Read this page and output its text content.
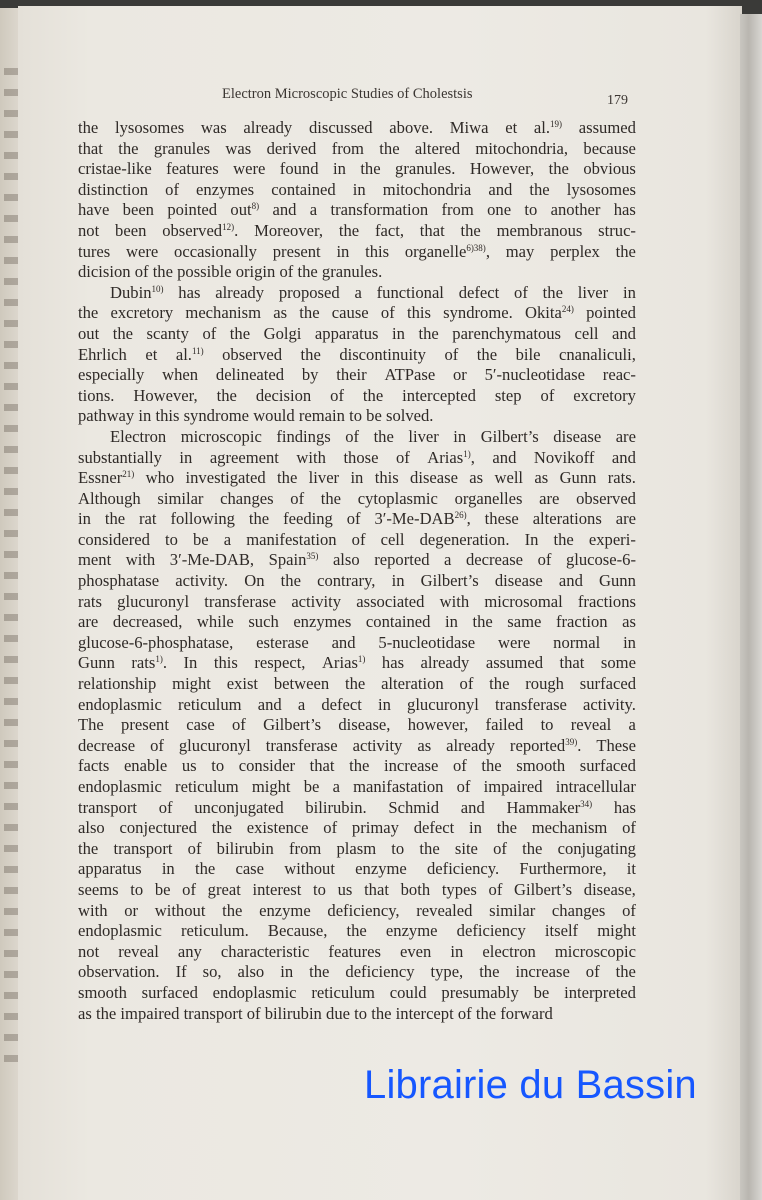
Electron Microscopic Studies of Cholestsis	179
the lysosomes was already discussed above. Miwa et al.$^{19)}$ assumed
that the granules was derived from the altered mitochondria, because
cristae-like features were found in the granules. However, the obvious
distinction of enzymes contained in mitochondria and the lysosomes
have been pointed out$^{8)}$ and a transformation from one to another has
not been observed$^{12)}$. Moreover, the fact, that the membranous struc-
tures were occasionally present in this organelle$^{6)38)}$, may perplex the
dicision of the possible origin of the granules.
Dubin$^{10)}$ has already proposed a functional defect of the liver in
the excretory mechanism as the cause of this syndrome. Okita$^{24)}$ pointed
out the scanty of the Golgi apparatus in the parenchymatous cell and
Ehrlich et al.$^{11)}$ observed the discontinuity of the bile cnanaliculi,
especially when delineated by their ATPase or 5′-nucleotidase reac-
tions. However, the decision of the intercepted step of excretory
pathway in this syndrome would remain to be solved.
Electron microscopic findings of the liver in Gilbert’s disease are
substantially in agreement with those of Arias$^{1)}$, and Novikoff and
Essner$^{21)}$ who investigated the liver in this disease as well as Gunn rats.
Although similar changes of the cytoplasmic organelles are observed
in the rat following the feeding of 3′-Me-DAB$^{26)}$, these alterations are
considered to be a manifestation of cell degeneration. In the experi-
ment with 3′-Me-DAB, Spain$^{35)}$ also reported a decrease of glucose-6-
phosphatase activity. On the contrary, in Gilbert’s disease and Gunn
rats glucuronyl transferase activity associated with microsomal fractions
are decreased, while such enzymes contained in the same fraction as
glucose-6-phosphatase, esterase and 5-nucleotidase were normal in
Gunn rats$^{1)}$. In this respect, Arias$^{1)}$ has already assumed that some
relationship might exist between the alteration of the rough surfaced
endoplasmic reticulum and a defect in glucuronyl transferase activity.
The present case of Gilbert’s disease, however, failed to reveal a
decrease of glucuronyl transferase activity as already reported$^{39)}$. These
facts enable us to consider that the increase of the smooth surfaced
endoplasmic reticulum might be a manifastation of impaired intracellular
transport of unconjugated bilirubin. Schmid and Hammaker$^{34)}$ has
also conjectured the existence of primay defect in the mechanism of
the transport of bilirubin from plasm to the site of the conjugating
apparatus in the case without enzyme deficiency. Furthermore, it
seems to be of great interest to us that both types of Gilbert’s disease,
with or without the enzyme deficiency, revealed similar changes of
endoplasmic reticulum. Because, the enzyme deficiency itself might
not reveal any characteristic features even in electron microscopic
observation. If so, also in the deficiency type, the increase of the
smooth surfaced endoplasmic reticulum could presumably be interpreted
as the impaired transport of bilirubin due to the intercept of the forward
Librairie du Bassin
